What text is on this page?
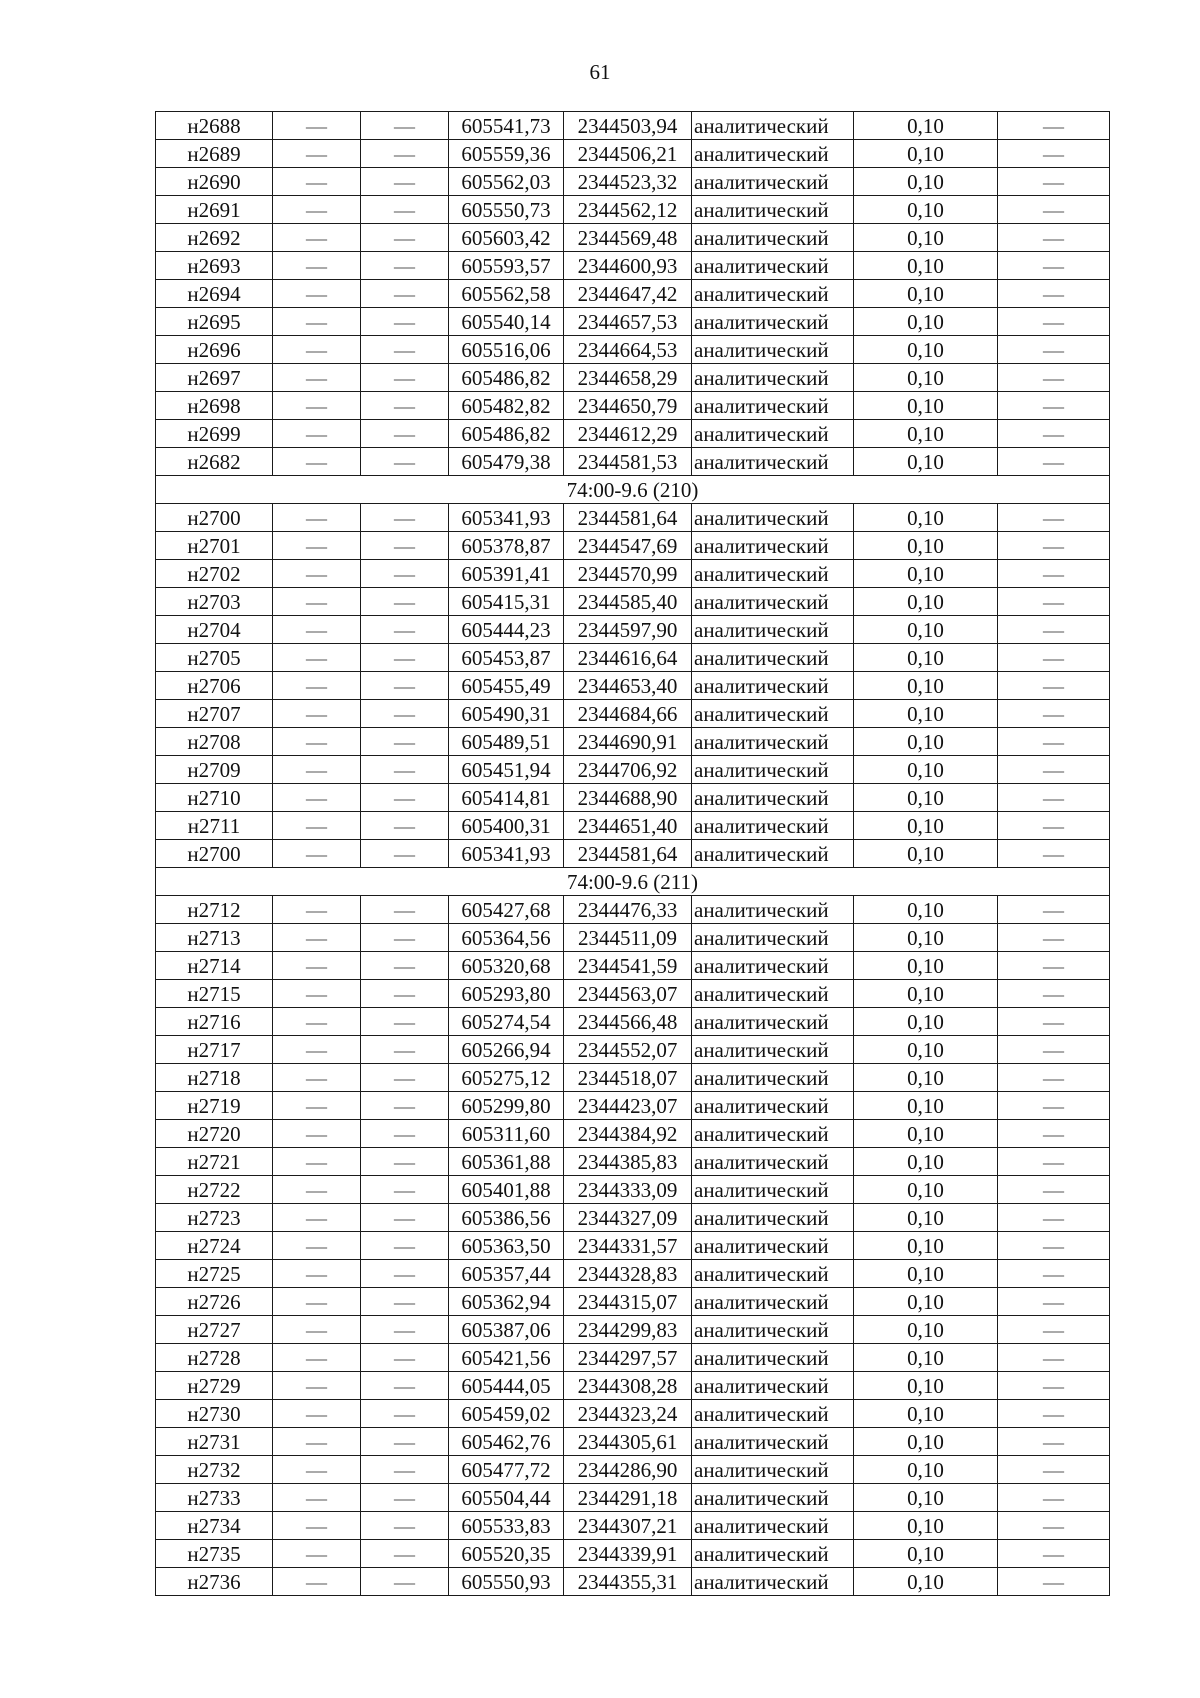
61
н2688	—	—	605541,73	2344503,94	аналитический	0,10	—
н2689	—	—	605559,36	2344506,21	аналитический	0,10	—
н2690	—	—	605562,03	2344523,32	аналитический	0,10	—
н2691	—	—	605550,73	2344562,12	аналитический	0,10	—
н2692	—	—	605603,42	2344569,48	аналитический	0,10	—
н2693	—	—	605593,57	2344600,93	аналитический	0,10	—
н2694	—	—	605562,58	2344647,42	аналитический	0,10	—
н2695	—	—	605540,14	2344657,53	аналитический	0,10	—
н2696	—	—	605516,06	2344664,53	аналитический	0,10	—
н2697	—	—	605486,82	2344658,29	аналитический	0,10	—
н2698	—	—	605482,82	2344650,79	аналитический	0,10	—
н2699	—	—	605486,82	2344612,29	аналитический	0,10	—
н2682	—	—	605479,38	2344581,53	аналитический	0,10	—
74:00-9.6 (210)							
н2700	—	—	605341,93	2344581,64	аналитический	0,10	—
н2701	—	—	605378,87	2344547,69	аналитический	0,10	—
н2702	—	—	605391,41	2344570,99	аналитический	0,10	—
н2703	—	—	605415,31	2344585,40	аналитический	0,10	—
н2704	—	—	605444,23	2344597,90	аналитический	0,10	—
н2705	—	—	605453,87	2344616,64	аналитический	0,10	—
н2706	—	—	605455,49	2344653,40	аналитический	0,10	—
н2707	—	—	605490,31	2344684,66	аналитический	0,10	—
н2708	—	—	605489,51	2344690,91	аналитический	0,10	—
н2709	—	—	605451,94	2344706,92	аналитический	0,10	—
н2710	—	—	605414,81	2344688,90	аналитический	0,10	—
н2711	—	—	605400,31	2344651,40	аналитический	0,10	—
н2700	—	—	605341,93	2344581,64	аналитический	0,10	—
74:00-9.6 (211)							
н2712	—	—	605427,68	2344476,33	аналитический	0,10	—
н2713	—	—	605364,56	2344511,09	аналитический	0,10	—
н2714	—	—	605320,68	2344541,59	аналитический	0,10	—
н2715	—	—	605293,80	2344563,07	аналитический	0,10	—
н2716	—	—	605274,54	2344566,48	аналитический	0,10	—
н2717	—	—	605266,94	2344552,07	аналитический	0,10	—
н2718	—	—	605275,12	2344518,07	аналитический	0,10	—
н2719	—	—	605299,80	2344423,07	аналитический	0,10	—
н2720	—	—	605311,60	2344384,92	аналитический	0,10	—
н2721	—	—	605361,88	2344385,83	аналитический	0,10	—
н2722	—	—	605401,88	2344333,09	аналитический	0,10	—
н2723	—	—	605386,56	2344327,09	аналитический	0,10	—
н2724	—	—	605363,50	2344331,57	аналитический	0,10	—
н2725	—	—	605357,44	2344328,83	аналитический	0,10	—
н2726	—	—	605362,94	2344315,07	аналитический	0,10	—
н2727	—	—	605387,06	2344299,83	аналитический	0,10	—
н2728	—	—	605421,56	2344297,57	аналитический	0,10	—
н2729	—	—	605444,05	2344308,28	аналитический	0,10	—
н2730	—	—	605459,02	2344323,24	аналитический	0,10	—
н2731	—	—	605462,76	2344305,61	аналитический	0,10	—
н2732	—	—	605477,72	2344286,90	аналитический	0,10	—
н2733	—	—	605504,44	2344291,18	аналитический	0,10	—
н2734	—	—	605533,83	2344307,21	аналитический	0,10	—
н2735	—	—	605520,35	2344339,91	аналитический	0,10	—
н2736	—	—	605550,93	2344355,31	аналитический	0,10	—
